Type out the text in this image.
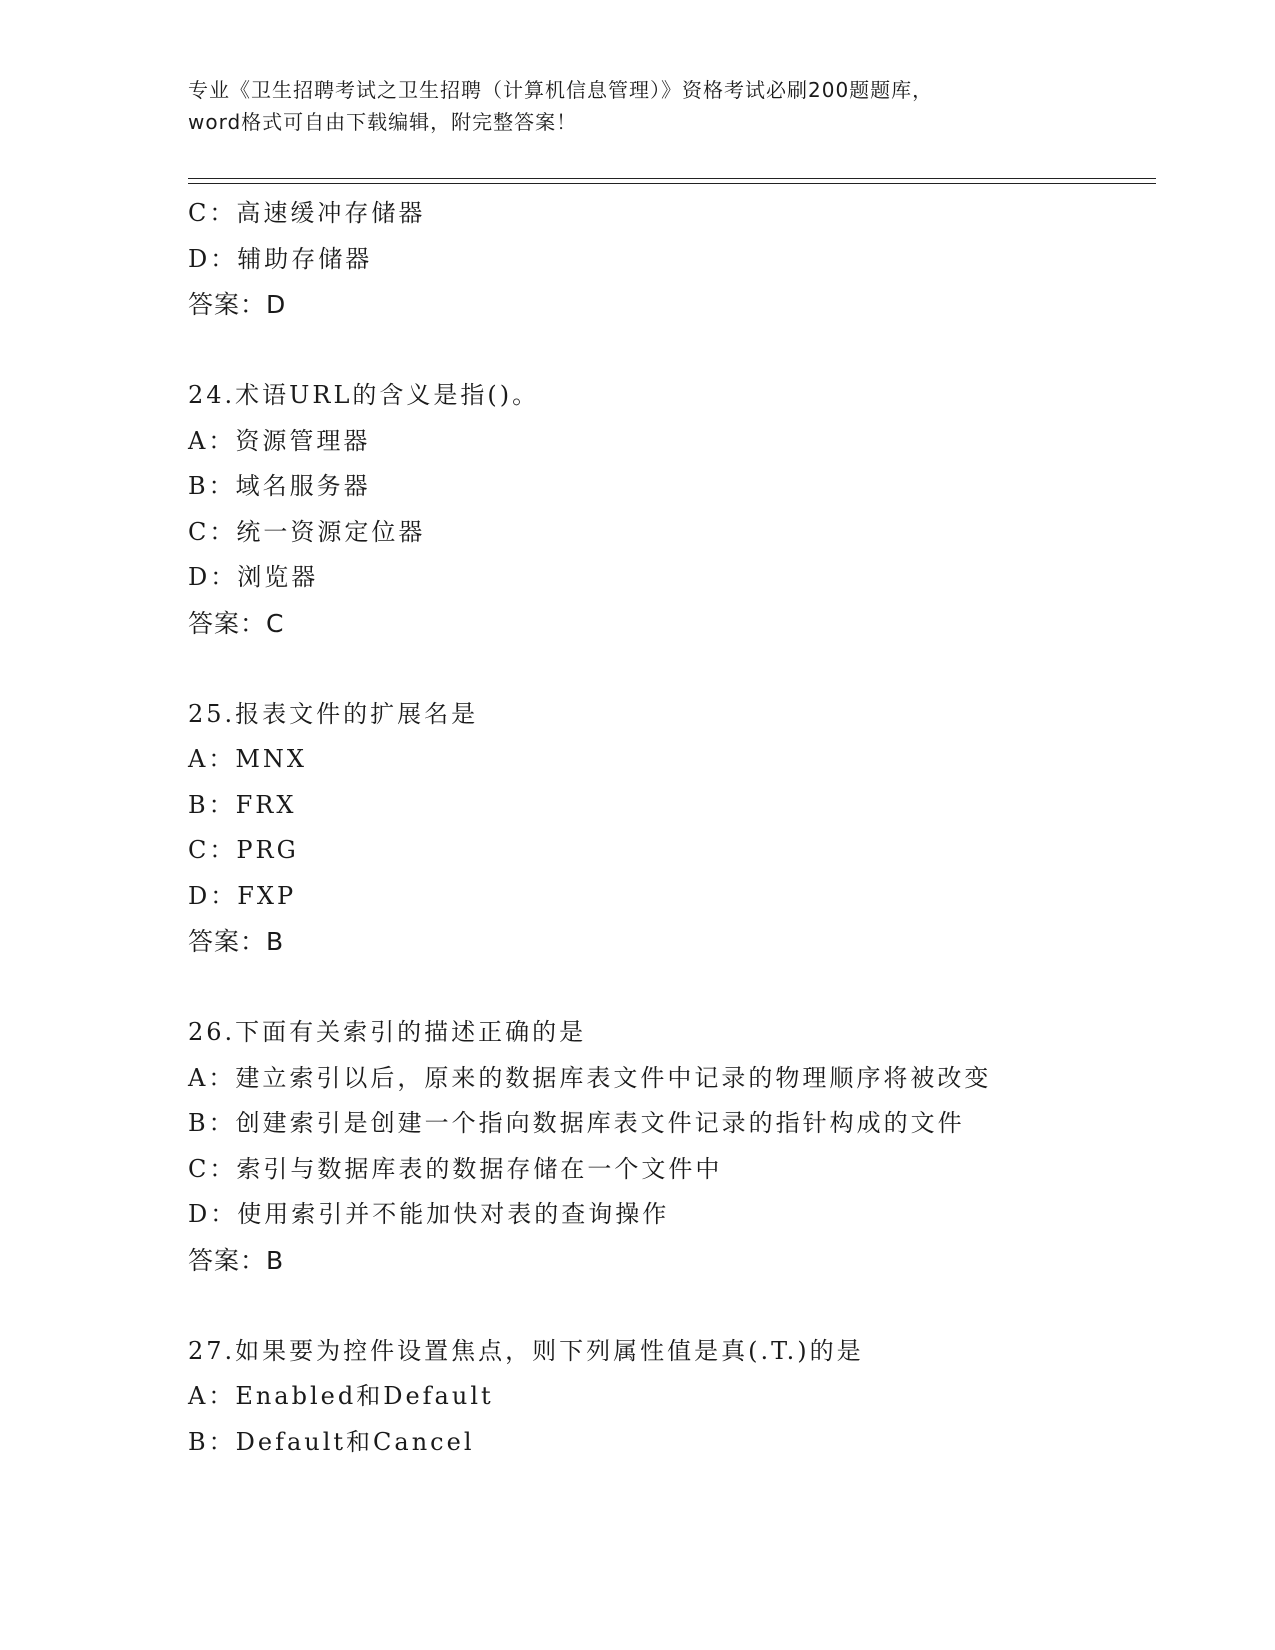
专业《卫生招聘考试之卫生招聘（计算机信息管理）》资格考试必刷200题题库，
word格式可自由下载编辑，附完整答案！
C：高速缓冲存储器
D：辅助存储器
答案：D
24.术语URL的含义是指()。
A：资源管理器
B：域名服务器
C：统一资源定位器
D：浏览器
答案：C
25.报表文件的扩展名是
A：MNX
B：FRX
C：PRG
D：FXP
答案：B
26.下面有关索引的描述正确的是
A：建立索引以后，原来的数据库表文件中记录的物理顺序将被改变
B：创建索引是创建一个指向数据库表文件记录的指针构成的文件
C：索引与数据库表的数据存储在一个文件中
D：使用索引并不能加快对表的查询操作
答案：B
27.如果要为控件设置焦点，则下列属性值是真(.T.)的是
A：Enabled和Default
B：Default和Cancel
